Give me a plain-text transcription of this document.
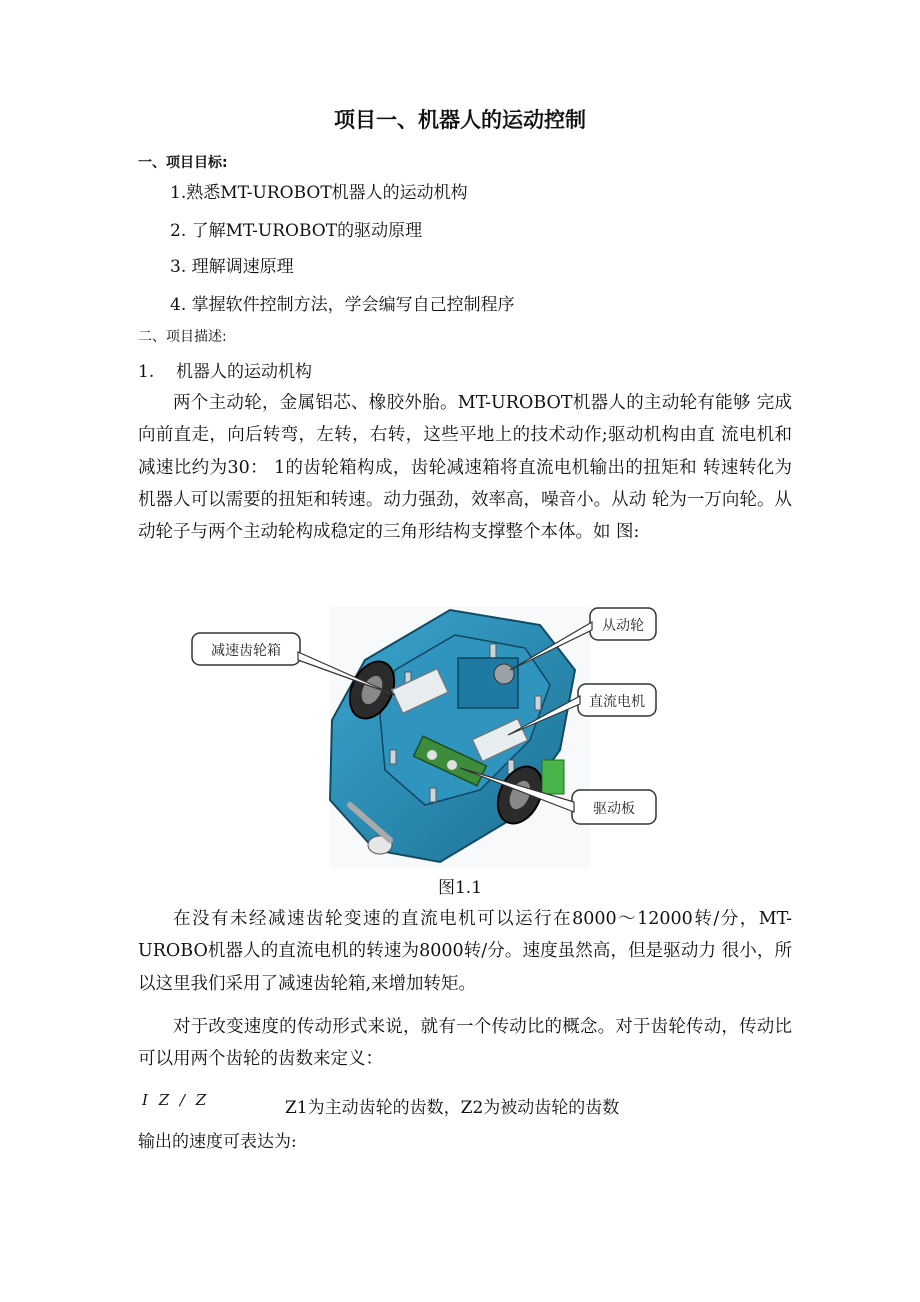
项目一、机器人的运动控制
一、项目目标:
1.熟悉MT-UROBOT机器人的运动机构
2. 了解MT-UROBOT的驱动原理
3. 理解调速原理
4. 掌握软件控制方法，学会编写自己控制程序
二、项目描述:
1. 机器人的运动机构
两个主动轮，金属铝芯、橡胶外胎。MT-UROBOT机器人的主动轮有能够 完成向前直走，向后转弯，左转，右转，这些平地上的技术动作;驱动机构由直 流电机和减速比约为30： 1的齿轮箱构成，齿轮减速箱将直流电机输出的扭矩和 转速转化为机器人可以需要的扭矩和转速。动力强劲，效率高，噪音小。从动 轮为一万向轮。从动轮子与两个主动轮构成稳定的三角形结构支撑整个本体。如 图:
减速齿轮箱
从动轮
直流电机
驱动板
图1.1
在没有未经减速齿轮变速的直流电机可以运行在8000～12000转/分，MT-UROBO机器人的直流电机的转速为8000转/分。速度虽然高，但是驱动力 很小，所以这里我们采用了减速齿轮箱,来增加转矩。
对于改变速度的传动形式来说，就有一个传动比的概念。对于齿轮传动，传动比可以用两个齿轮的齿数来定义：
I Z / Z	Z1为主动齿轮的齿数，Z2为被动齿轮的齿数
输出的速度可表达为:
